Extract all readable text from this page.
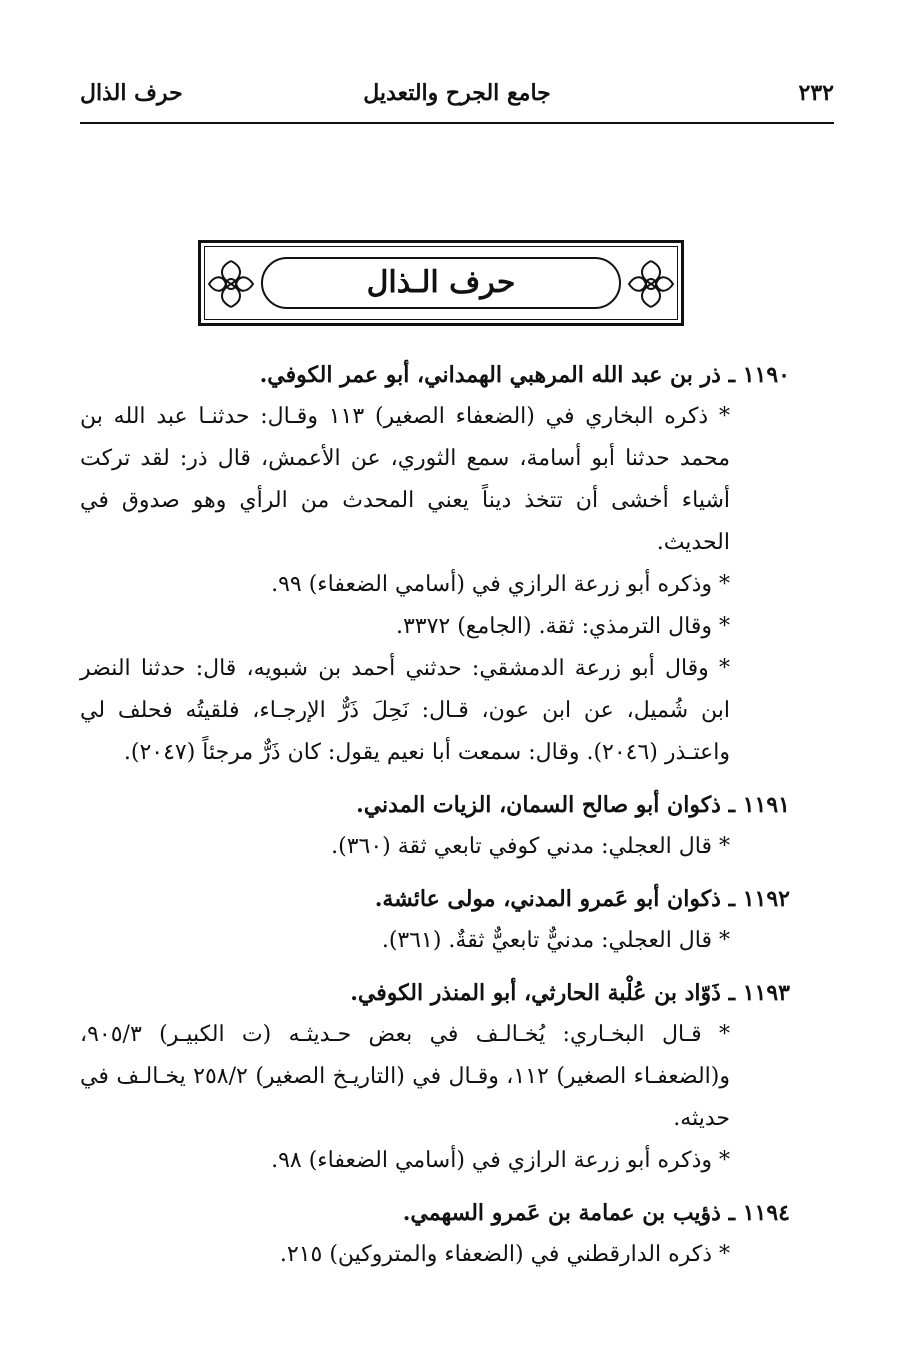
٢٣٢
جامع الجرح والتعديل
حرف الذال
حرف الـذال

١١٩٠ ـ ذر بن عبد الله المرهبي الهمداني، أبو عمر الكوفي.

* ذكره البخاري في (الضعفاء الصغير) ١١٣ وقـال: حدثنـا عبد الله بن محمد حدثنا أبو أسامة، سمع الثوري، عن الأعمش، قال ذر: لقد تركت أشياء أخشى أن تتخذ ديناً يعني المحدث من الرأي وهو صدوق في الحديث.

* وذكره أبو زرعة الرازي في (أسامي الضعفاء) ٩٩.

* وقال الترمذي: ثقة. (الجامع) ٣٣٧٢.

* وقال أبو زرعة الدمشقي: حدثني أحمد بن شبويه، قال: حدثنا النضر ابن شُميل، عن ابن عون، قـال: نَحِلَ ذَرٌّ الإرجـاء، فلقيتُه فحلف لي واعتـذر (٢٠٤٦). وقال: سمعت أبا نعيم يقول: كان ذَرٌّ مرجئاً (٢٠٤٧).

١١٩١ ـ ذكوان أبو صالح السمان، الزيات المدني.

* قال العجلي: مدني كوفي تابعي ثقة (٣٦٠).

١١٩٢ ـ ذكوان أبو عَمرو المدني، مولى عائشة.

* قال العجلي: مدنيٌّ تابعيٌّ ثقةٌ. (٣٦١).

١١٩٣ ـ ذَوّاد بن عُلْبة الحارثي، أبو المنذر الكوفي.

* قـال البخـاري: يُخـالـف في بعض حـديثـه (ت الكبيـر) ٩٠٥/٣، و(الضعفـاء الصغير) ١١٢، وقـال في (التاريـخ الصغير) ٢٥٨/٢ يخـالـف في حديثه.

* وذكره أبو زرعة الرازي في (أسامي الضعفاء) ٩٨.

١١٩٤ ـ ذؤيب بن عمامة بن عَمرو السهمي.

* ذكره الدارقطني في (الضعفاء والمتروكين) ٢١٥.
